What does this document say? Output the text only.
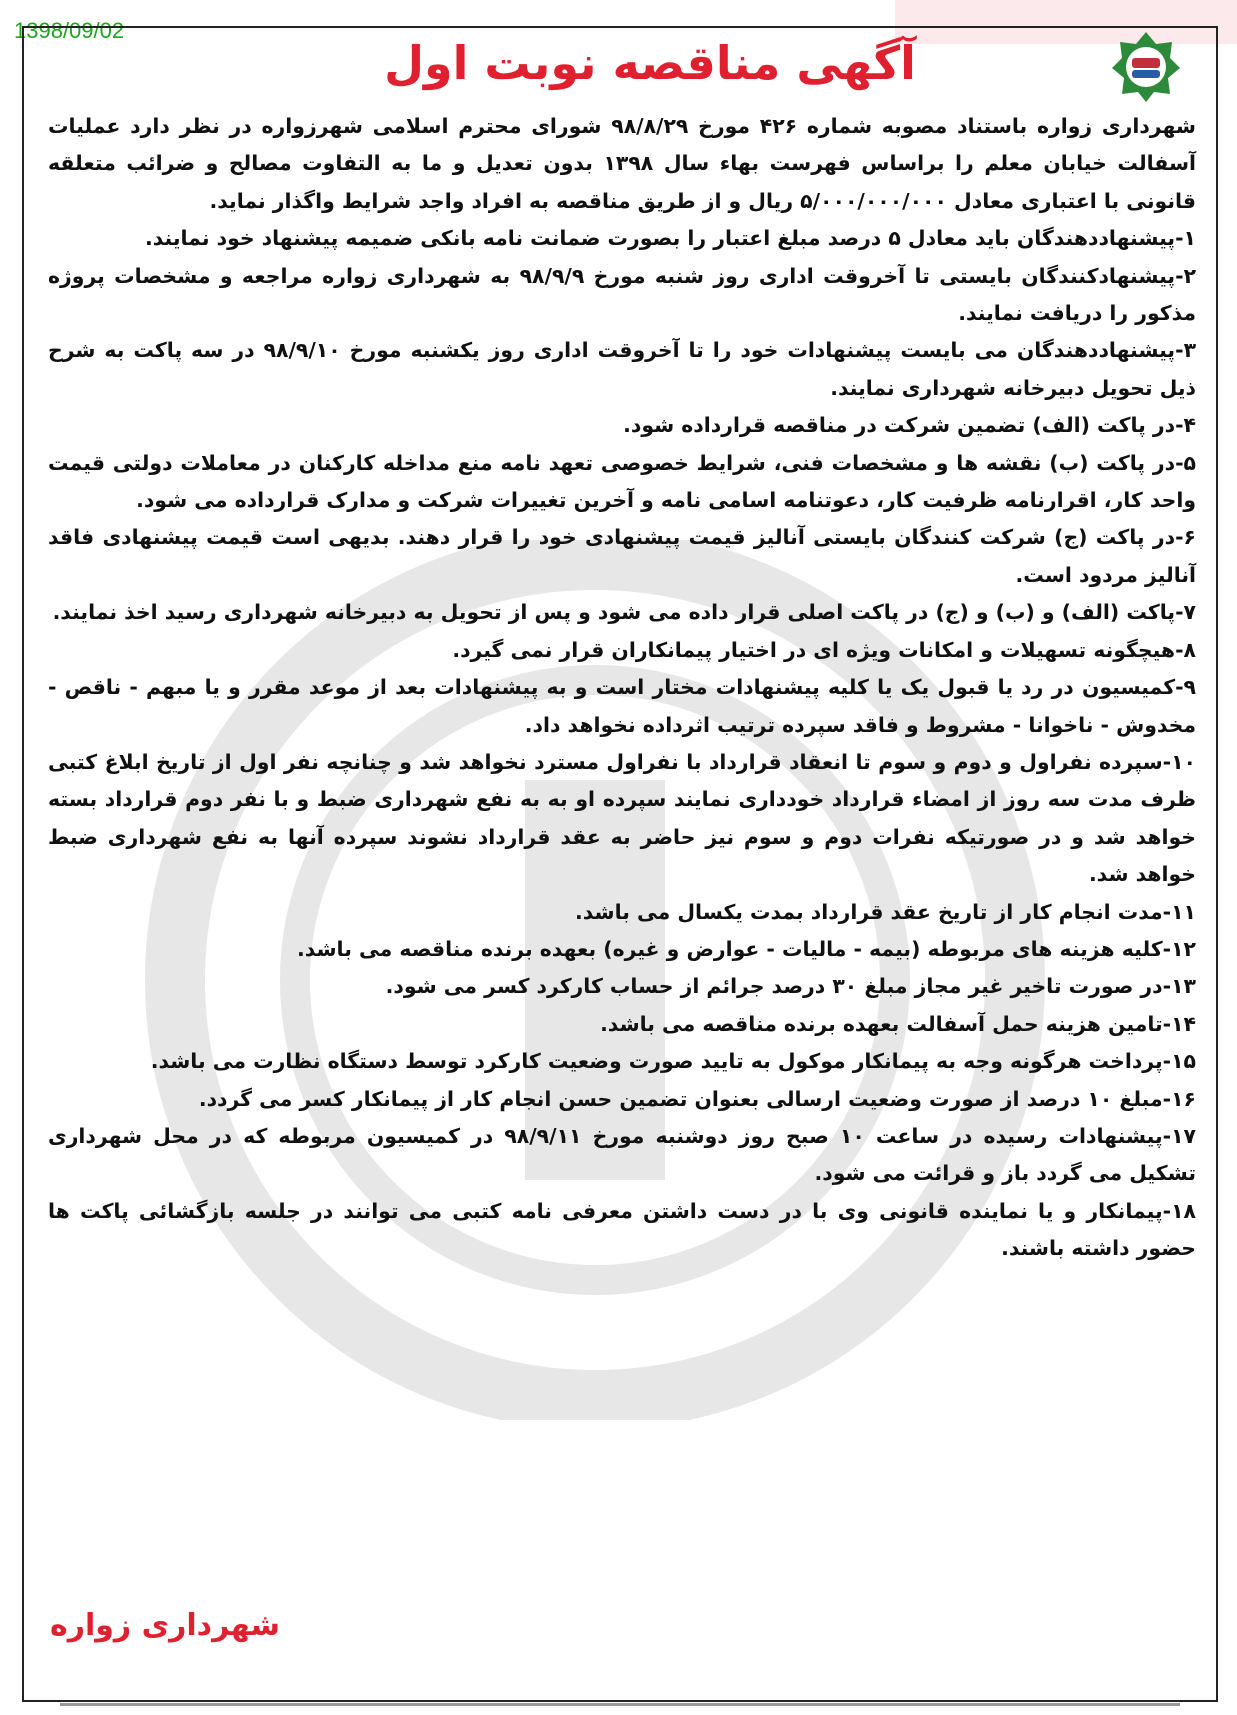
1398/09/02
آگهی مناقصه نوبت اول

شهرداری زواره باستناد مصوبه شماره ۴۲۶ مورخ ۹۸/۸/۲۹ شورای محترم اسلامی شهرزواره در نظر دارد عملیات آسفالت خیابان معلم را براساس فهرست بهاء سال ۱۳۹۸ بدون تعدیل و ما به التفاوت مصالح و ضرائب متعلقه قانونی با اعتباری معادل ۵/۰۰۰/۰۰۰/۰۰۰ ریال و از طریق مناقصه به افراد واجد شرایط واگذار نماید.

۱-پیشنهاددهندگان باید معادل ۵ درصد مبلغ اعتبار را بصورت ضمانت نامه بانکی ضمیمه پیشنهاد خود نمایند.

۲-پیشنهادکنندگان بایستی تا آخروقت اداری روز شنبه مورخ ۹۸/۹/۹ به شهرداری زواره مراجعه و مشخصات پروژه مذکور را دریافت نمایند.

۳-پیشنهاددهندگان می بایست پیشنهادات خود را تا آخروقت اداری روز یکشنبه مورخ ۹۸/۹/۱۰ در سه پاکت به شرح ذیل تحویل دبیرخانه شهرداری نمایند.

۴-در پاکت (الف) تضمین شرکت در مناقصه قرارداده شود.

۵-در پاکت (ب) نقشه ها و مشخصات فنی، شرایط خصوصی تعهد نامه منع مداخله کارکنان در معاملات دولتی قیمت واحد کار، اقرارنامه ظرفیت کار، دعوتنامه اسامی نامه و آخرین تغییرات شرکت و مدارک قرارداده می شود.

۶-در پاکت (ج) شرکت کنندگان بایستی آنالیز قیمت پیشنهادی خود را قرار دهند. بدیهی است قیمت پیشنهادی فاقد آنالیز مردود است.

۷-پاکت (الف) و (ب) و (ج) در پاکت اصلی قرار داده می شود و پس از تحویل به دبیرخانه شهرداری رسید اخذ نمایند.

۸-هیچگونه تسهیلات و امکانات ویژه ای در اختیار پیمانکاران قرار نمی گیرد.

۹-کمیسیون در رد یا قبول یک یا کلیه پیشنهادات مختار است و به پیشنهادات بعد از موعد مقرر و یا مبهم - ناقص - مخدوش - ناخوانا - مشروط و فاقد سپرده ترتیب اثرداده نخواهد داد.

۱۰-سپرده نفراول و دوم و سوم تا انعقاد قرارداد با نفراول مسترد نخواهد شد و چنانچه نفر اول از تاریخ ابلاغ کتبی ظرف مدت سه روز از امضاء قرارداد خودداری نمایند سپرده او به به نفع شهرداری ضبط و با نفر دوم قرارداد بسته خواهد شد و در صورتیکه نفرات دوم و سوم نیز حاضر به عقد قرارداد نشوند سپرده آنها به نفع شهرداری ضبط خواهد شد.

۱۱-مدت انجام کار از تاریخ عقد قرارداد بمدت یکسال می باشد.

۱۲-کلیه هزینه های مربوطه (بیمه - مالیات - عوارض و غیره) بعهده برنده مناقصه می باشد.

۱۳-در صورت تاخیر غیر مجاز مبلغ ۳۰ درصد جرائم از حساب کارکرد کسر می شود.

۱۴-تامین هزینه حمل آسفالت بعهده برنده مناقصه می باشد.

۱۵-پرداخت هرگونه وجه به پیمانکار موکول به تایید صورت وضعیت کارکرد توسط دستگاه نظارت می باشد.

۱۶-مبلغ ۱۰ درصد از صورت وضعیت ارسالی بعنوان تضمین حسن انجام کار از پیمانکار کسر می گردد.

۱۷-پیشنهادات رسیده در ساعت ۱۰ صبح روز دوشنبه مورخ ۹۸/۹/۱۱ در کمیسیون مربوطه که در محل شهرداری تشکیل می گردد باز و قرائت می شود.

۱۸-پیمانکار و یا نماینده قانونی وی با در دست داشتن معرفی نامه کتبی می توانند در جلسه بازگشائی پاکت ها حضور داشته باشند.

شهرداری زواره
